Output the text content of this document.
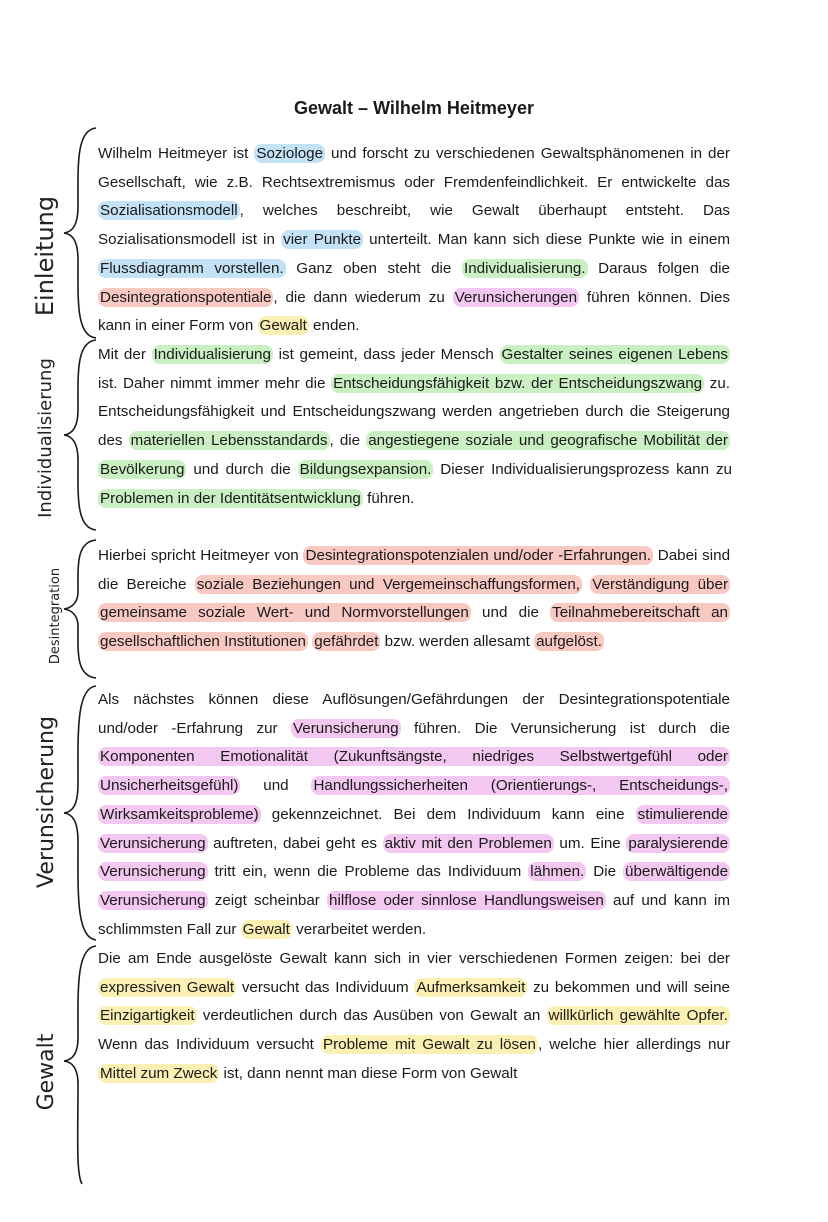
Gewalt – Wilhelm Heitmeyer
Einleitung

Wilhelm Heitmeyer ist Soziologe und forscht zu verschiedenen Gewaltsphänomenen in der Gesellschaft, wie z.B. Rechtsextremismus oder Fremdenfeindlichkeit. Er entwickelte das Sozialisationsmodell , welches beschreibt, wie Gewalt überhaupt entsteht. Das Sozialisationsmodell ist in vier Punkte unterteilt. Man kann sich diese Punkte wie in einem Flussdiagramm vorstellen. Ganz oben steht die Individualisierung. Daraus folgen die Desintegrationspotentiale , die dann wiederum zu Verunsicherungen führen können. Dies kann in einer Form von Gewalt enden.

Individualisierung

Mit der Individualisierung ist gemeint, dass jeder Mensch Gestalter seines eigenen Lebens ist. Daher nimmt immer mehr die Entscheidungsfähigkeit bzw. der Entscheidungszwang zu. Entscheidungsfähigkeit und Entscheidungszwang werden angetrieben durch die Steigerung des materiellen Lebensstandards , die angestiegene soziale und geografische Mobilität der Bevölkerung und durch die Bildungsexpansion. Dieser Individualisierungsprozess kann zu Problemen in der Identitätsentwicklung führen.

Desintegration

Hierbei spricht Heitmeyer von Desintegrationspotenzialen und/oder -Erfahrungen. Dabei sind die Bereiche soziale Beziehungen und Vergemeinschaffungsformen, Verständigung über gemeinsame soziale Wert- und Normvorstellungen und die Teilnahmebereitschaft an gesellschaftlichen Institutionen gefährdet bzw. werden allesamt aufgelöst.

Verunsicherung

Als nächstes können diese Auflösungen/Gefährdungen der Desintegrationspotentiale und/oder -Erfahrung zur Verunsicherung führen. Die Verunsicherung ist durch die Komponenten Emotionalität (Zukunftsängste, niedriges Selbstwertgefühl oder Unsicherheitsgefühl) und Handlungssicherheiten (Orientierungs-, Entscheidungs-, Wirksamkeitsprobleme) gekennzeichnet. Bei dem Individuum kann eine stimulierende Verunsicherung auftreten, dabei geht es aktiv mit den Problemen um. Eine paralysierende Verunsicherung tritt ein, wenn die Probleme das Individuum lähmen. Die überwältigende Verunsicherung zeigt scheinbar hilflose oder sinnlose Handlungsweisen auf und kann im schlimmsten Fall zur Gewalt verarbeitet werden.

Gewalt

Die am Ende ausgelöste Gewalt kann sich in vier verschiedenen Formen zeigen: bei der expressiven Gewalt versucht das Individuum Aufmerksamkeit zu bekommen und will seine Einzigartigkeit verdeutlichen durch das Ausüben von Gewalt an willkürlich gewählte Opfer. Wenn das Individuum versucht Probleme mit Gewalt zu lösen , welche hier allerdings nur Mittel zum Zweck ist, dann nennt man diese Form von Gewalt
